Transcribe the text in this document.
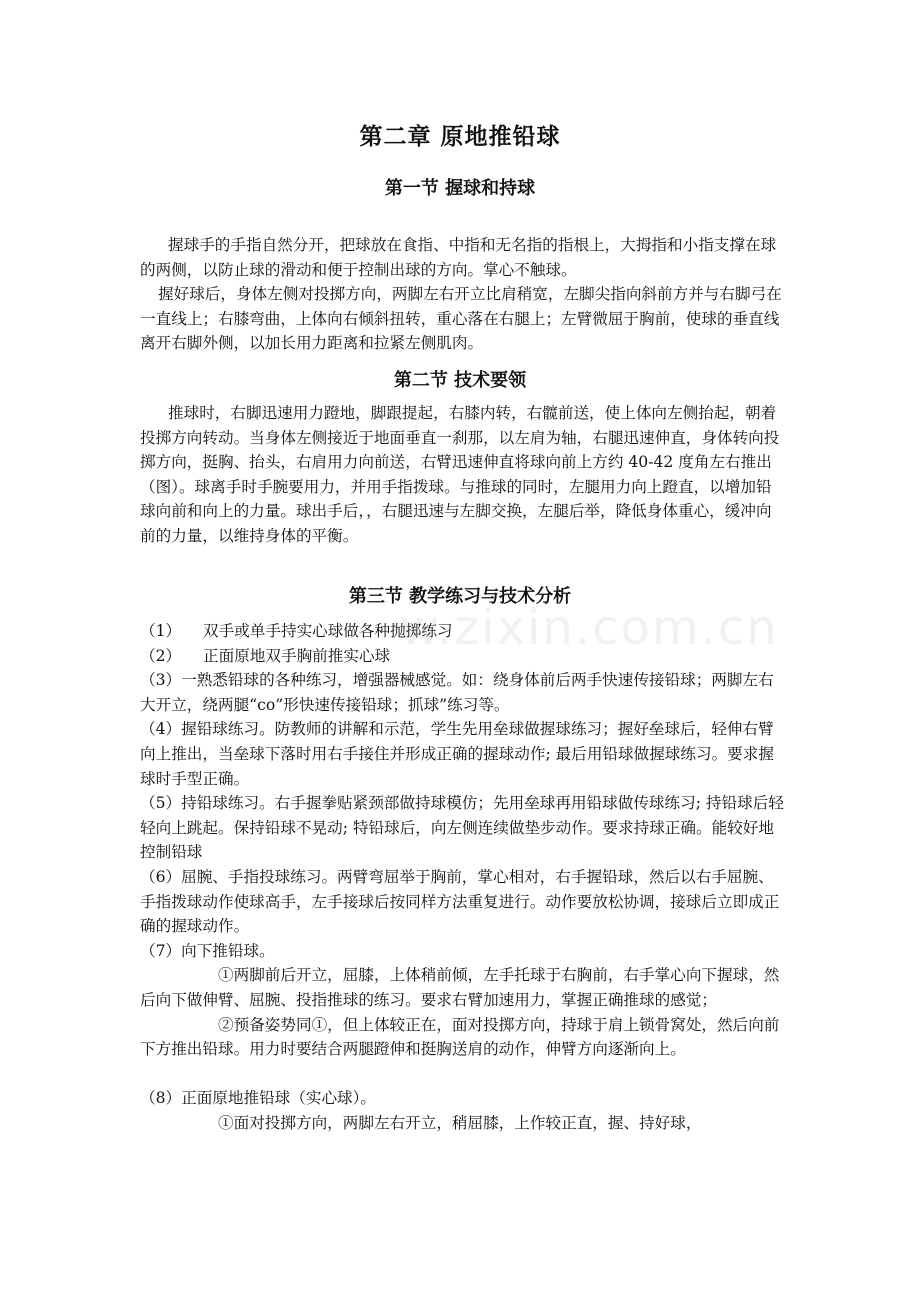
第二章 原地推铅球
第一节 握球和持球

握球手的手指自然分开，把球放在食指、中指和无名指的指根上，大拇指和小指支撑在球的两侧，以防止球的滑动和便于控制出球的方向。掌心不触球。

握好球后，身体左侧对投掷方向，两脚左右开立比肩稍宽，左脚尖指向斜前方并与右脚弓在一直线上；右膝弯曲，上体向右倾斜扭转，重心落在右腿上；左臂微屈于胸前，使球的垂直线离开右脚外侧，以加长用力距离和拉紧左侧肌肉。

第二节 技术要领

推球时，右脚迅速用力蹬地，脚跟提起，右膝内转，右髋前送，使上体向左侧抬起，朝着投掷方向转动。当身体左侧接近于地面垂直一刹那，以左肩为轴，右腿迅速伸直，身体转向投掷方向，挺胸、抬头，右肩用力向前送，右臂迅速伸直将球向前上方约 40-42 度角左右推出（图）。球离手时手腕要用力，并用手指拨球。与推球的同时，左腿用力向上蹬直，以增加铅球向前和向上的力量。球出手后，，右腿迅速与左脚交换，左腿后举，降低身体重心，缓冲向前的力量，以维持身体的平衡。

第三节 教学练习与技术分析

（1） 双手或单手持实心球做各种抛掷练习

（2） 正面原地双手胸前推实心球

（3）一熟悉铅球的各种练习，增强器械感觉。如：绕身体前后两手快速传接铅球；两脚左右大开立，绕两腿“co”形快速传接铅球；抓球”练习等。

（4）握铅球练习。防教师的讲解和示范，学生先用垒球做握球练习；握好垒球后，轻伸右臂向上推出，当垒球下落时用右手接住并形成正确的握球动作; 最后用铅球做握球练习。要求握球时手型正确。

（5）持铅球练习。右手握拳贴紧颈部做持球模仿；先用垒球再用铅球做传球练习; 持铅球后轻轻向上跳起。保持铅球不晃动; 特铅球后，向左侧连续做垫步动作。要求持球正确。能较好地控制铅球

（6）屈腕、手指投球练习。两臂弯屈举于胸前，掌心相对，右手握铅球，然后以右手屈腕、手指拨球动作使球高手，左手接球后按同样方法重复进行。动作要放松协调，接球后立即成正确的握球动作。

（7）向下推铅球。

①两脚前后开立，屈膝，上体稍前倾，左手托球于右胸前，右手掌心向下握球，然后向下做伸臂、屈腕、投指推球的练习。要求右臂加速用力，掌握正确推球的感觉；

②预备姿势同①，但上体较正在，面对投掷方向，持球于肩上锁骨窝处，然后向前下方推出铅球。用力时要结合两腿蹬伸和挺胸送肩的动作，伸臂方向逐渐向上。

（8）正面原地推铅球（实心球）。

①面对投掷方向，两脚左右开立，稍屈膝，上作较正直，握、持好球，

w.zixin.com.cn
